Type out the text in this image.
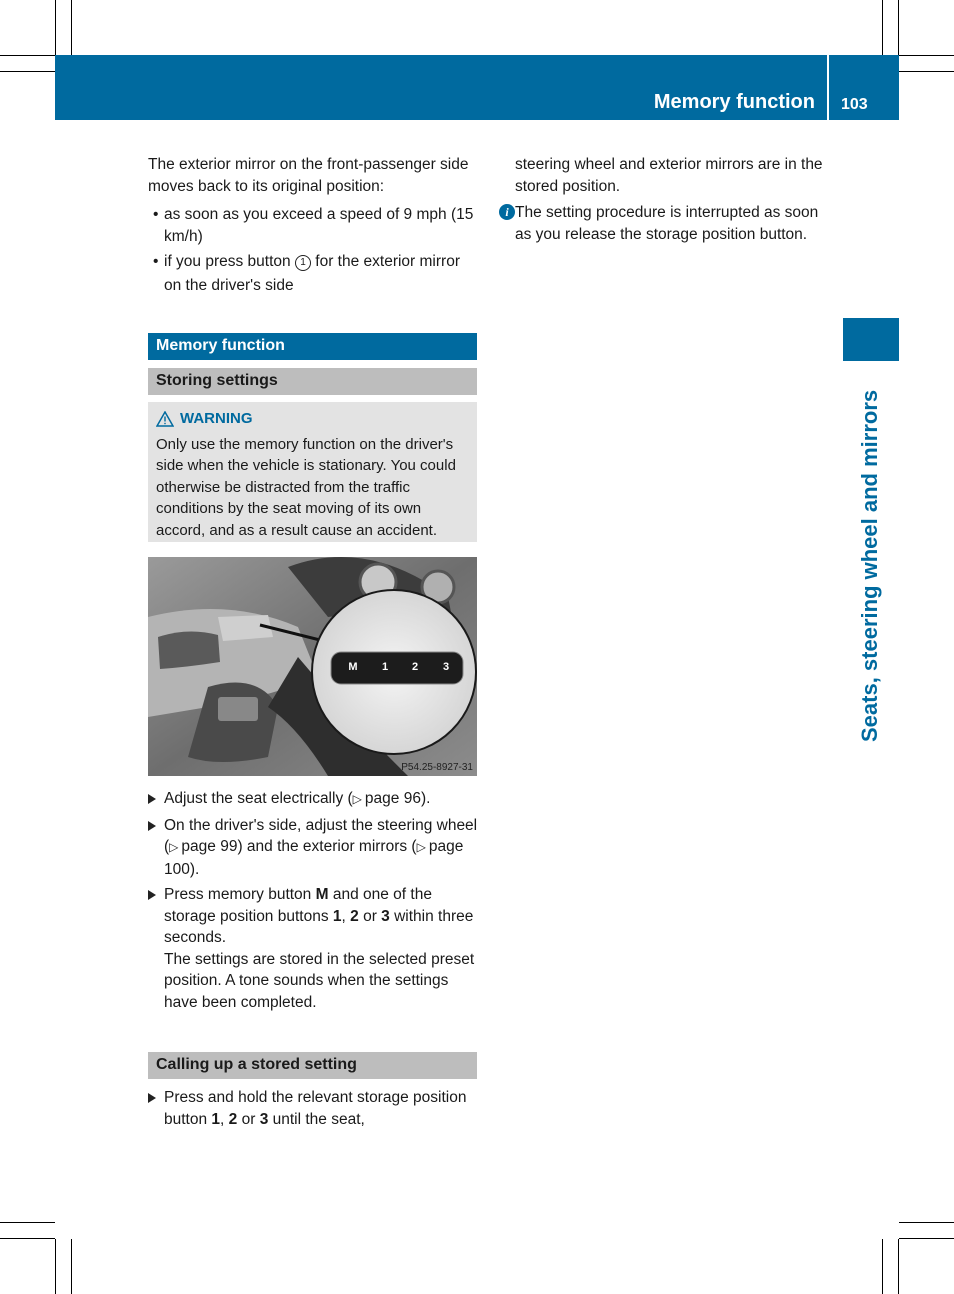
Memory function 103
Seats, steering wheel and mirrors

The exterior mirror on the front-passenger side moves back to its original position:

• as soon as you exceed a speed of 9 mph (15 km/h)

• if you press button 1 for the exterior mirror on the driver's side

Memory function
Storing settings
WARNING

Only use the memory function on the driver's side when the vehicle is stationary. You could otherwise be distracted from the traffic conditions by the seat moving of its own accord, and as a result cause an accident.

M	1	2	3
P54.25-8927-31

Adjust the seat electrically (▷ page 96).

On the driver's side, adjust the steering wheel (▷ page 99) and the exterior mirrors (▷ page 100).

Press memory button M and one of the storage position buttons 1, 2 or 3 within three seconds.
The settings are stored in the selected preset position. A tone sounds when the settings have been completed.

Calling up a stored setting

Press and hold the relevant storage position button 1, 2 or 3 until the seat,

steering wheel and exterior mirrors are in the stored position.

i The setting procedure is interrupted as soon as you release the storage position button.
